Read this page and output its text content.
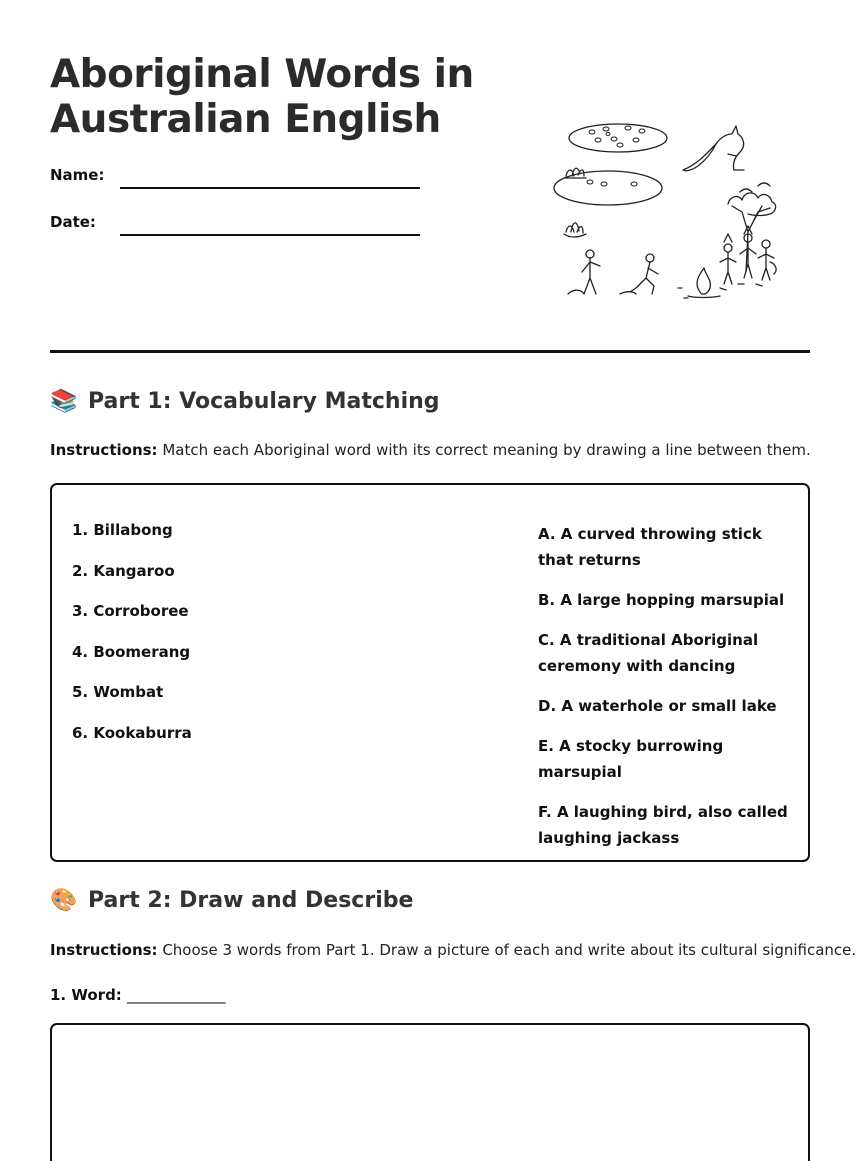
Aboriginal Words in
Australian English
Name:
Date:
📚 Part 1: Vocabulary Matching
Instructions: Match each Aboriginal word with its correct meaning by drawing a line between them.
1. Billabong
2. Kangaroo
3. Corroboree
4. Boomerang
5. Wombat
6. Kookaburra
A. A curved throwing stick that returns
B. A large hopping marsupial
C. A traditional Aboriginal ceremony with dancing
D. A waterhole or small lake
E. A stocky burrowing marsupial
F. A laughing bird, also called laughing jackass
🎨 Part 2: Draw and Describe
Instructions: Choose 3 words from Part 1. Draw a picture of each and write about its cultural significance.
1. Word: _______________
